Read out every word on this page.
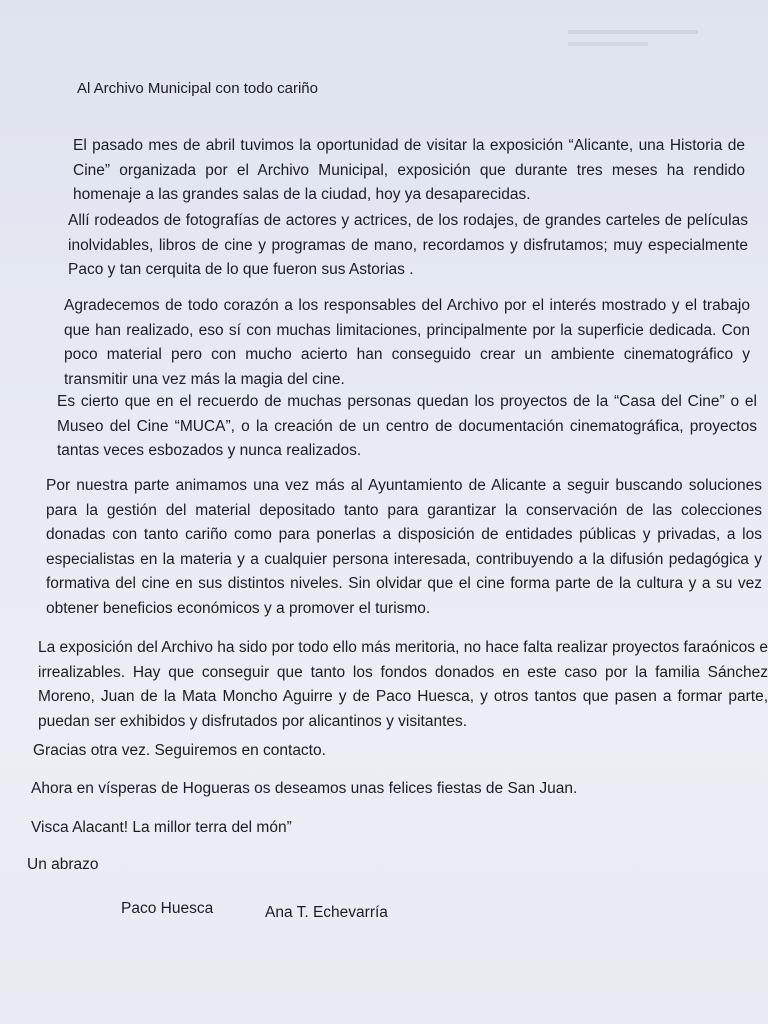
Al Archivo Municipal con todo cariño

El pasado mes de abril tuvimos la oportunidad de visitar la exposición “Alicante, una Historia de Cine” organizada por el Archivo Municipal, exposición que durante tres meses ha rendido homenaje a las grandes salas de la ciudad, hoy ya desaparecidas.

Allí rodeados de fotografías de actores y actrices, de los rodajes, de grandes carteles de películas inolvidables, libros de cine y programas de mano, recordamos y disfrutamos; muy especialmente Paco y tan cerquita de lo que fueron sus Astorias .

Agradecemos de todo corazón a los responsables del Archivo por el interés mostrado y el trabajo que han realizado, eso sí con muchas limitaciones, principalmente por la superficie dedicada. Con poco material pero con mucho acierto han conseguido crear un ambiente cinematográfico y transmitir una vez más la magia del cine.

Es cierto que en el recuerdo de muchas personas quedan los proyectos de la “Casa del Cine” o el Museo del Cine “MUCA”, o la creación de un centro de documentación cinematográfica, proyectos tantas veces esbozados y nunca realizados.

Por nuestra parte animamos una vez más al Ayuntamiento de Alicante a seguir buscando soluciones para la gestión del material depositado tanto para garantizar la conservación de las colecciones donadas con tanto cariño como para ponerlas a disposición de entidades públicas y privadas, a los especialistas en la materia y a cualquier persona interesada, contribuyendo a la difusión pedagógica y formativa del cine en sus distintos niveles. Sin olvidar que el cine forma parte de la cultura y a su vez obtener beneficios económicos y a promover el turismo.

La exposición del Archivo ha sido por todo ello más meritoria, no hace falta realizar proyectos faraónicos e irrealizables. Hay que conseguir que tanto los fondos donados en este caso por la familia Sánchez Moreno, Juan de la Mata Moncho Aguirre y de Paco Huesca, y otros tantos que pasen a formar parte, puedan ser exhibidos y disfrutados por alicantinos y visitantes.

Gracias otra vez. Seguiremos en contacto.
Ahora en vísperas de Hogueras os deseamos unas felices fiestas de San Juan.
Visca Alacant! La millor terra del món”
Un abrazo
Paco Huesca	Ana T. Echevarría
